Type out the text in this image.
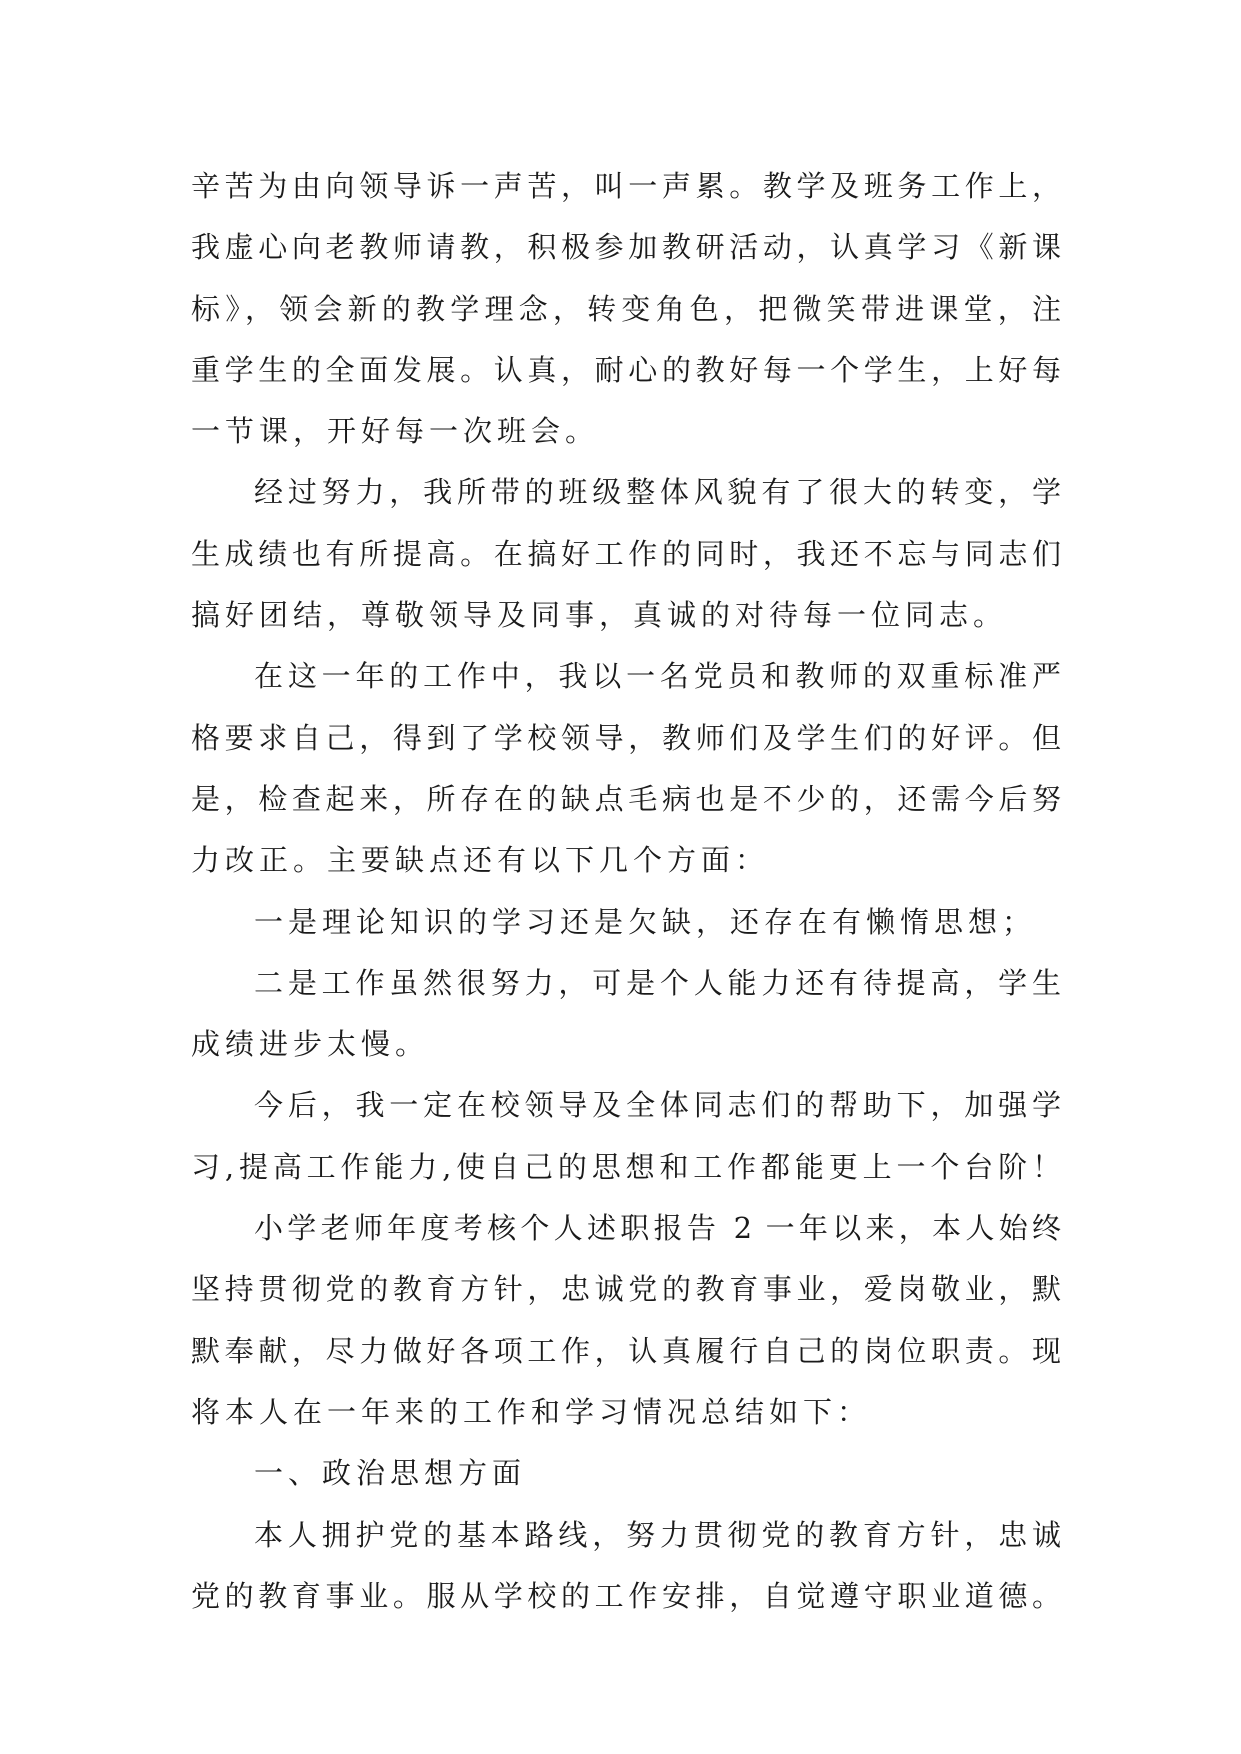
辛苦为由向领导诉一声苦，叫一声累。教学及班务工作上，
我虚心向老教师请教，积极参加教研活动，认真学习《新课
标》，领会新的教学理念，转变角色，把微笑带进课堂，注
重学生的全面发展。认真，耐心的教好每一个学生，上好每
一节课，开好每一次班会。
经过努力，我所带的班级整体风貌有了很大的转变，学
生成绩也有所提高。在搞好工作的同时，我还不忘与同志们
搞好团结，尊敬领导及同事，真诚的对待每一位同志。
在这一年的工作中，我以一名党员和教师的双重标准严
格要求自己，得到了学校领导，教师们及学生们的好评。但
是，检查起来，所存在的缺点毛病也是不少的，还需今后努
力改正。主要缺点还有以下几个方面：
一是理论知识的学习还是欠缺，还存在有懒惰思想；
二是工作虽然很努力，可是个人能力还有待提高，学生
成绩进步太慢。
今后，我一定在校领导及全体同志们的帮助下，加强学
习,提高工作能力,使自己的思想和工作都能更上一个台阶！
小学老师年度考核个人述职报告 2 一年以来，本人始终
坚持贯彻党的教育方针，忠诚党的教育事业，爱岗敬业，默
默奉献，尽力做好各项工作，认真履行自己的岗位职责。现
将本人在一年来的工作和学习情况总结如下：
一、政治思想方面
本人拥护党的基本路线，努力贯彻党的教育方针，忠诚
党的教育事业。服从学校的工作安排，自觉遵守职业道德。
